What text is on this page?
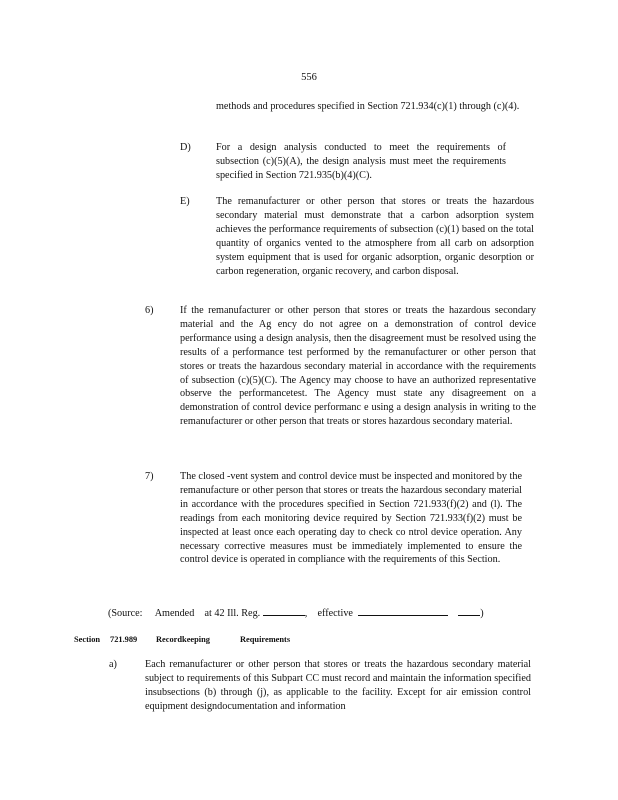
556
methods and procedures specified in Section 721.934(c)(1) through (c)(4).
D) For a design analysis conducted to meet the requirements of subsection (c)(5)(A), the design analysis must meet the requirements specified in Section 721.935(b)(4)(C).
E)	The remanufacturer or other person that stores or treats the hazardous secondary material must demonstrate that a carbon adsorption system achieves the performance requirements of subsection (c)(1) based on the total quantity of organics vented to the atmosphere from all carb on adsorption system equipment that is used for organic adsorption, organic desorption or carbon regeneration, organic recovery, and carbon disposal.
6)	If the remanufacturer or other person that stores or treats the hazardous secondary material and the Ag ency do not agree on a demonstration of control device performance using a design analysis, then the disagreement must be resolved using the results of a performance test performed by the remanufacturer or other person that stores or treats the hazardous secondary material in accordance with the requirements of subsection (c)(5)(C). The Agency may choose to have an authorized representative observe the performancetest. The Agency must state any disagreement on a demonstration of control device performanc e using a design analysis in writing to the remanufacturer or other person that treats or stores hazardous secondary material.
7)	The closed -vent system and control device must be inspected and monitored by the remanufacture or other person that stores or treats the hazardous secondary material in accordance with the procedures specified in Section 721.933(f)(2) and (l). The readings from each monitoring device required by Section 721.933(f)(2) must be inspected at least once each operating day to check co ntrol device operation. Any necessary corrective measures must be immediately implemented to ensure the control device is operated in compliance with the requirements of this Section.
(Source: Amended at 42 Ill. Reg.	,    effective	)
Section 721.989 Recordkeeping	Requirements
a)	Each remanufacturer or other person that stores or treats the hazardous secondary material subject to requirements of this Subpart CC must record and maintain the information specified insubsections (b) through (j), as applicable to the facility. Except for air emission control equipment designdocumentation and information
